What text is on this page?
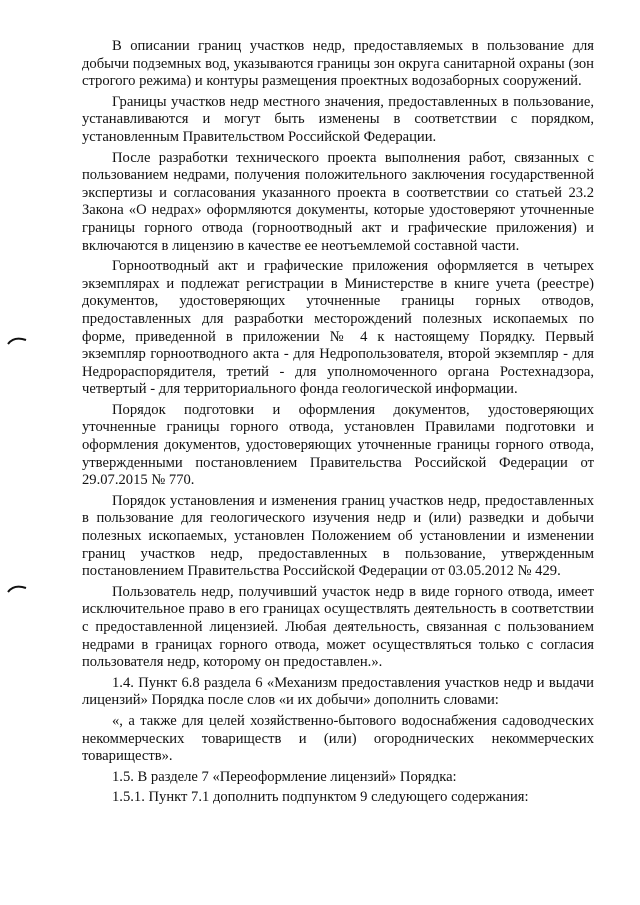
В описании границ участков недр, предоставляемых в пользование для добычи подземных вод, указываются границы зон округа санитарной охраны (зон строгого режима) и контуры размещения проектных водозаборных сооружений.

Границы участков недр местного значения, предоставленных в пользование, устанавливаются и могут быть изменены в соответствии с порядком, установленным Правительством Российской Федерации.

После разработки технического проекта выполнения работ, связанных с пользованием недрами, получения положительного заключения государственной экспертизы и согласования указанного проекта в соответствии со статьей 23.2 Закона «О недрах» оформляются документы, которые удостоверяют уточненные границы горного отвода (горноотводный акт и графические приложения) и включаются в лицензию в качестве ее неотъемлемой составной части.

Горноотводный акт и графические приложения оформляется в четырех экземплярах и подлежат регистрации в Министерстве в книге учета (реестре) документов, удостоверяющих уточненные границы горных отводов, предоставленных для разработки месторождений полезных ископаемых по форме, приведенной в приложении № 4 к настоящему Порядку. Первый экземпляр горноотводного акта - для Недропользователя, второй экземпляр - для Недрораспорядителя, третий - для уполномоченного органа Ростехнадзора, четвертый - для территориального фонда геологической информации.

Порядок подготовки и оформления документов, удостоверяющих уточненные границы горного отвода, установлен Правилами подготовки и оформления документов, удостоверяющих уточненные границы горного отвода, утвержденными постановлением Правительства Российской Федерации от 29.07.2015 № 770.

Порядок установления и изменения границ участков недр, предоставленных в пользование для геологического изучения недр и (или) разведки и добычи полезных ископаемых, установлен Положением об установлении и изменении границ участков недр, предоставленных в пользование, утвержденным постановлением Правительства Российской Федерации от 03.05.2012 № 429.

Пользователь недр, получивший участок недр в виде горного отвода, имеет исключительное право в его границах осуществлять деятельность в соответствии с предоставленной лицензией. Любая деятельность, связанная с пользованием недрами в границах горного отвода, может осуществляться только с согласия пользователя недр, которому он предоставлен.».

1.4. Пункт 6.8 раздела 6 «Механизм предоставления участков недр и выдачи лицензий» Порядка после слов «и их добычи» дополнить словами:

«, а также для целей хозяйственно-бытового водоснабжения садоводческих некоммерческих товариществ и (или) огороднических некоммерческих товариществ».

1.5. В разделе 7 «Переоформление лицензий» Порядка:

1.5.1. Пункт 7.1 дополнить подпунктом 9 следующего содержания:
